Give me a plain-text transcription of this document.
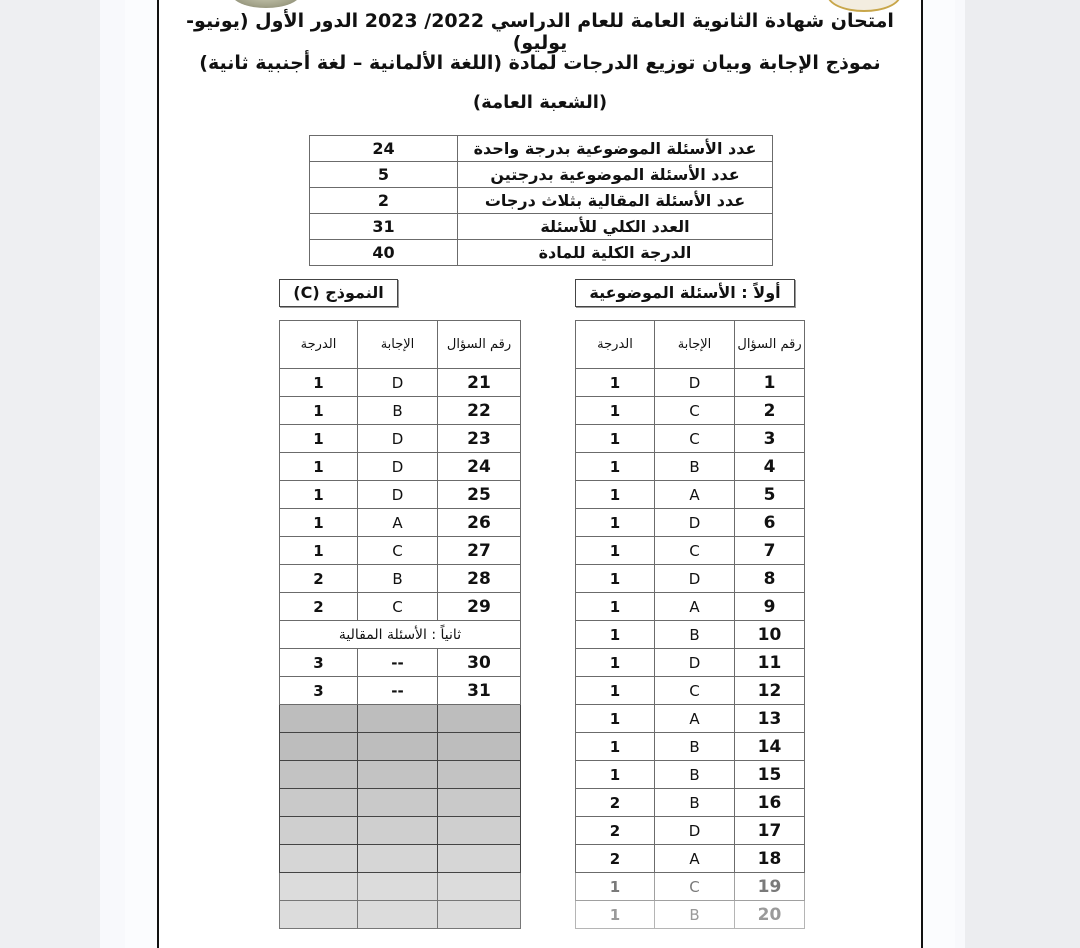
امتحان شهادة الثانوية العامة للعام الدراسي 2022/ 2023 الدور الأول (يونيو- يوليو)
نموذج الإجابة وبيان توزيع الدرجات لمادة (اللغة الألمانية – لغة أجنبية ثانية)
(الشعبة العامة)
24	عدد الأسئلة الموضوعية بدرجة واحدة
5	عدد الأسئلة الموضوعية بدرجتين
2	عدد الأسئلة المقالية بثلاث درجات
31	العدد الكلي للأسئلة
40	الدرجة الكلية للمادة
النموذج (C)	أولاً : الأسئلة الموضوعية
الدرجة	الإجابة	رقم السؤال
1	D	21
1	B	22
1	D	23
1	D	24
1	D	25
1	A	26
1	C	27
2	B	28
2	C	29
ثانياً : الأسئلة المقالية		
3	--	30
3	--	31

الدرجة	الإجابة	رقم السؤال
1	D	1
1	C	2
1	C	3
1	B	4
1	A	5
1	D	6
1	C	7
1	D	8
1	A	9
1	B	10
1	D	11
1	C	12
1	A	13
1	B	14
1	B	15
2	B	16
2	D	17
2	A	18
1	C	19
1	B	20
